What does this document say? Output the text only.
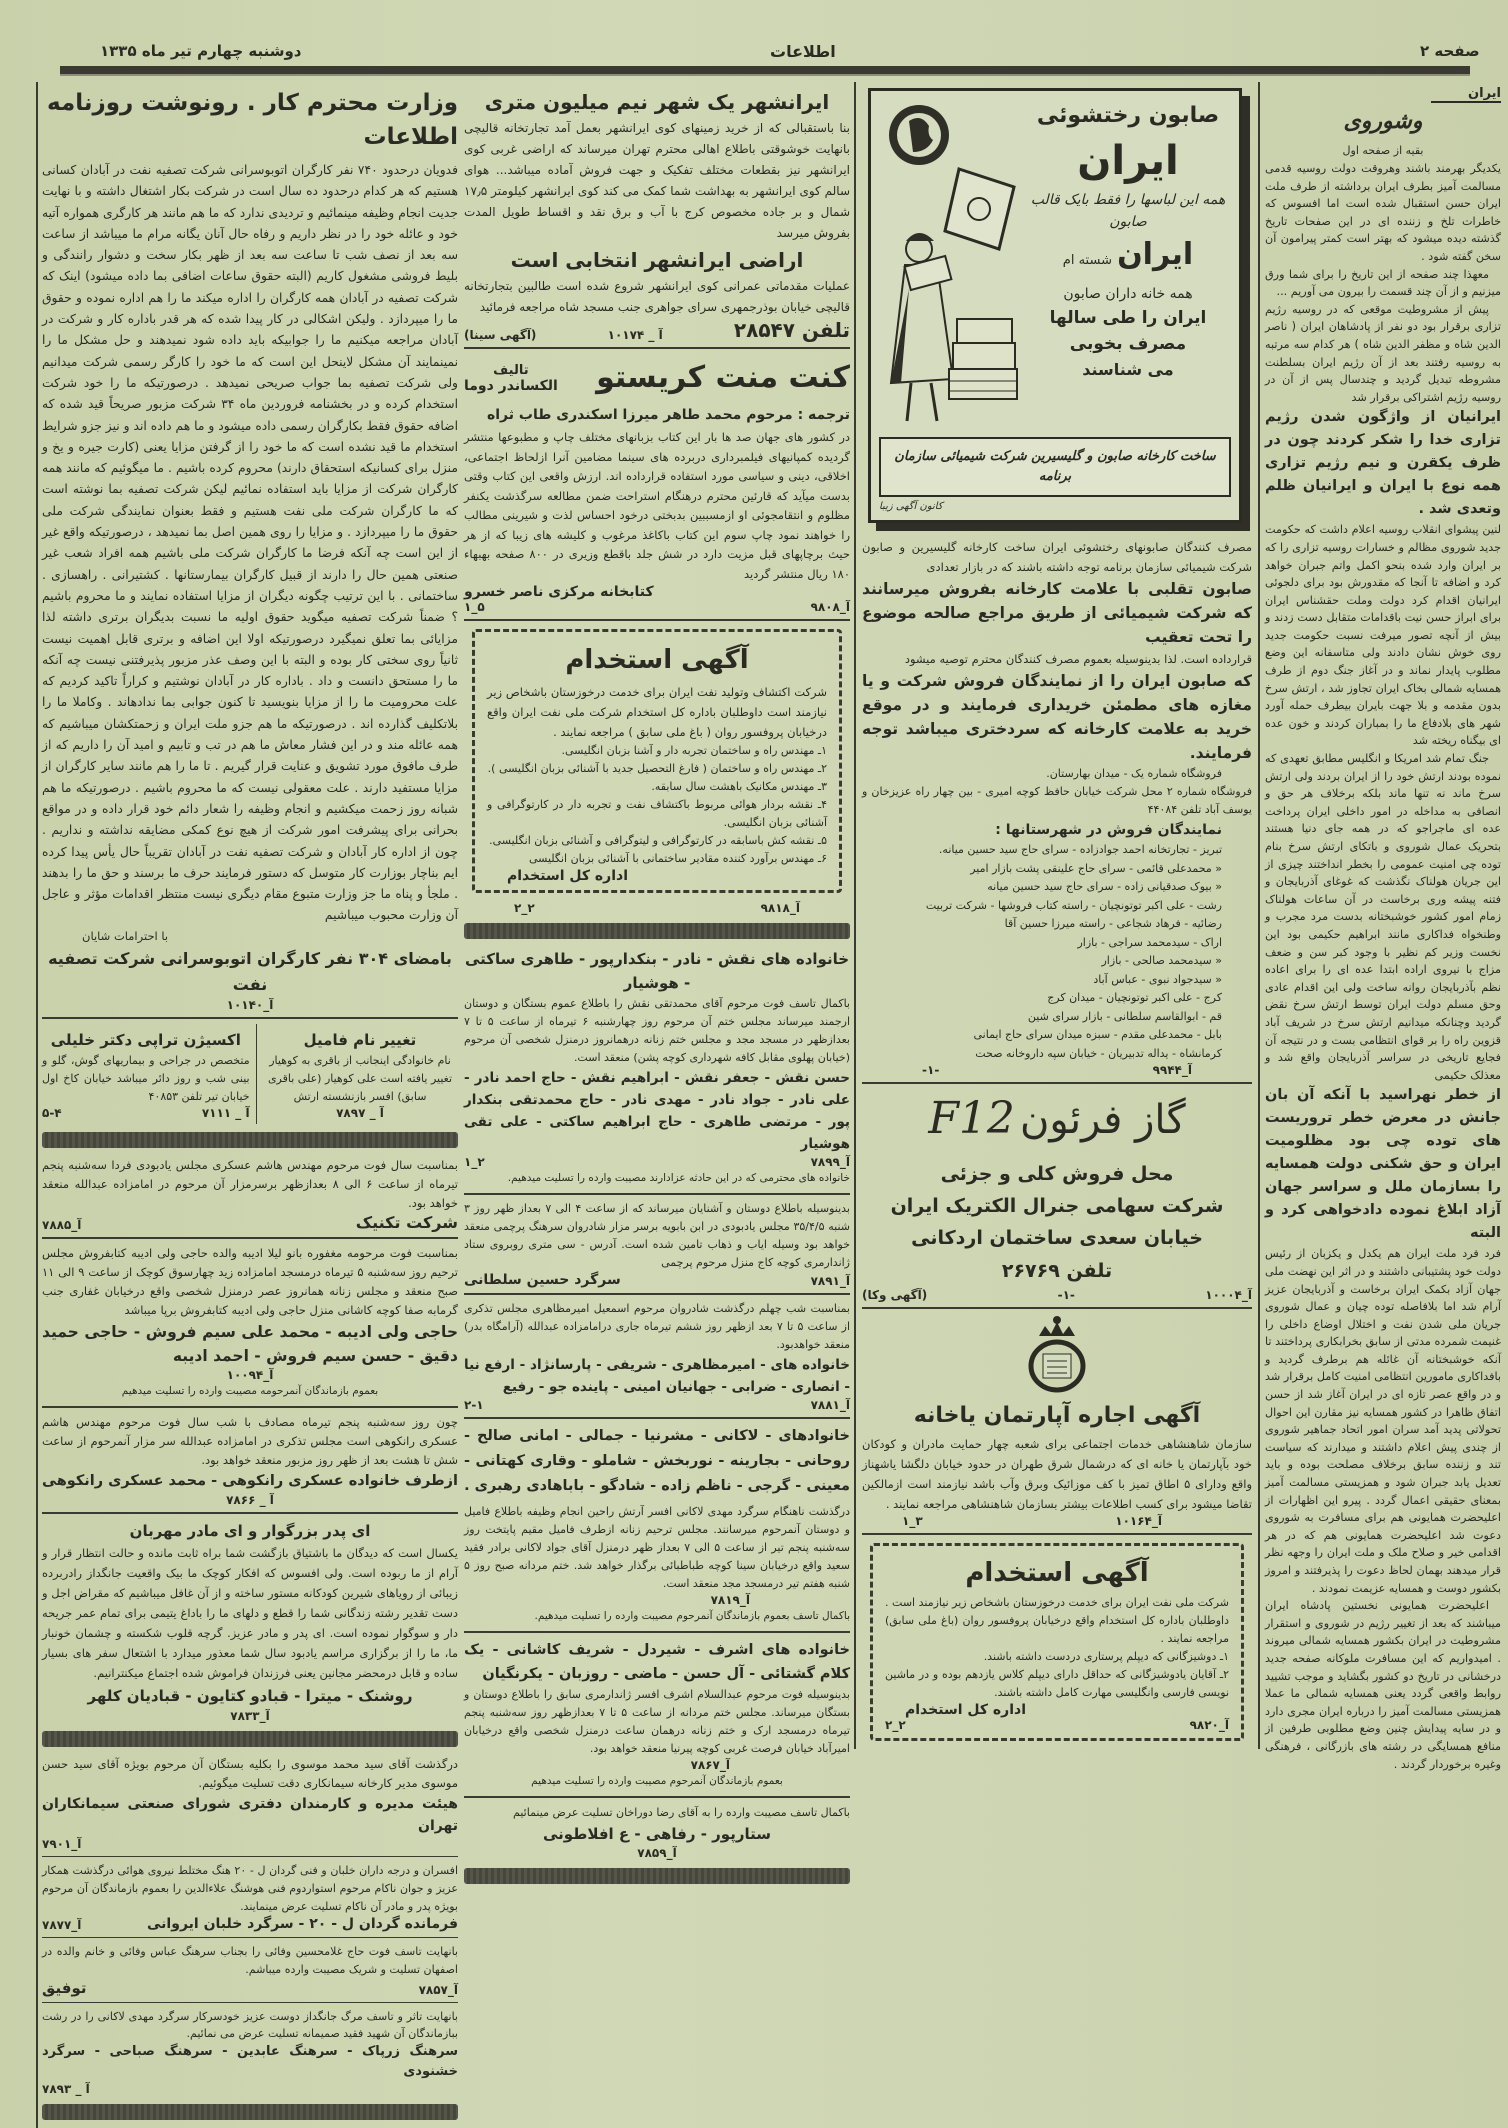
دوشنبه چهارم تیر ماه ۱۳۳۵	اطلاعات	صفحه ۲
وزارت محترم کار . رونوشت روزنامه اطلاعات
فدویان درحدود ۷۴۰ نفر کارگران اتوبوسرانی شرکت تصفیه نفت در آبادان کسانی هستیم که هر کدام درحدود ده سال است در شرکت بکار اشتغال داشته و با نهایت جدیت انجام وظیفه مینمائیم و تردیدی ندارد که ما هم مانند هر کارگری همواره آتیه خود و عائله خود را در نظر داریم و رفاه حال آنان یگانه مرام ما میباشد از ساعت سه بعد از نصف شب تا ساعت سه بعد از ظهر بکار سخت و دشوار رانندگی و بلیط فروشی مشغول کاریم (البته حقوق ساعات اضافی بما داده میشود) اینک که شرکت تصفیه در آبادان همه کارگران را اداره میکند ما را هم اداره نموده و حقوق ما را میپردازد . ولیکن اشکالی در کار پیدا شده که هر قدر باداره کار و شرکت در آبادان مراجعه میکنیم ما را جوابیکه باید داده شود نمیدهند و حل مشکل ما را نمینمایند آن مشکل لاینحل این است که ما خود را کارگر رسمی شرکت میدانیم ولی شرکت تصفیه بما جواب صریحی نمیدهد . درصورتیکه ما را خود شرکت استخدام کرده و در بخشنامه فروردین ماه ۳۴ شرکت مزبور صریحاً قید شده که اضافه حقوق فقط بکارگران رسمی داده میشود و ما هم داده اند و نیز جزو شرایط استخدام ما قید نشده است که ما خود را از گرفتن مزایا یعنی (کارت جیره و یخ و منزل برای کسانیکه استحقاق دارند) محروم کرده باشیم . ما میگوئیم که مانند همه کارگران شرکت از مزایا باید استفاده نمائیم لیکن شرکت تصفیه بما نوشته است که ما کارگران شرکت ملی نفت هستیم و فقط بعنوان نمایندگی شرکت ملی حقوق ما را میپردازد . و مزایا را روی همین اصل بما نمیدهد ، درصورتیکه واقع غیر از این است چه آنکه فرضا ما کارگران شرکت ملی باشیم همه افراد شعب غیر صنعتی همین حال را دارند از قبیل کارگران بیمارستانها . کشتیرانی . راهسازی . ساختمانی . با این ترتیب چگونه دیگران از مزایا استفاده نمایند و ما محروم باشیم ؟ ضمناً شرکت تصفیه میگوید حقوق اولیه ما نسبت بدیگران برتری داشته لذا مزایائی بما تعلق نمیگیرد درصورتیکه اولا این اضافه و برتری قابل اهمیت نیست ثانیاً روی سختی کار بوده و البته با این وصف عذر مزبور پذیرفتنی نیست چه آنکه ما را مستحق دانست و داد . باداره کار در آبادان نوشتیم و کراراً تاکید کردیم که علت محرومیت ما را از مزایا بنویسید تا کنون جوابی بما ندادهاند . وکاملا ما را بلاتکلیف گذارده اند . درصورتیکه ما هم جزو ملت ایران و زحمتکشان میباشیم که همه عائله مند و در این فشار معاش ما هم در تب و تابیم و امید آن را داریم که از طرف مافوق مورد تشویق و عنایت قرار گیریم . تا ما را هم مانند سایر کارگران از مزایا مستفید دارند . علت معقولی نیست که ما محروم باشیم . درصورتیکه ما هم شبانه روز زحمت میکشیم و انجام وظیفه را شعار دائم خود قرار داده و در مواقع بحرانی برای پیشرفت امور شرکت از هیچ نوع کمکی مضایقه نداشته و نداریم . چون از اداره کار آبادان و شرکت تصفیه نفت در آبادان تقریباً حال یأس پیدا کرده ایم بناچار بوزارت کار متوسل که دستور فرمایند حرف ما برسند و حق ما را بدهند . ملجأ و پناه ما جز وزارت متبوع مقام دیگری نیست منتظر اقدامات مؤثر و عاجل آن وزارت محبوب میباشیم
با احترامات شایان
بامضای ۳۰۴ نفر کارگران اتوبوسرانی شرکت تصفیه نفت
آ_۱۰۱۴۰
تغییر نام فامیل
نام خانوادگی اینجانب از باقری به کوهیار تغییر یافته است علی کوهیار (علی باقری سابق) افسر بازنشسته ارتش
آ _ ۷۸۹۷
اکسیژن تراپی دکتر خلیلی
متخصص در جراحی و بیماریهای گوش، گلو و بینی شب و روز دائر میباشد خیابان کاخ اول خیابان تیر تلفن ۴۰۸۵۳
آ _ ۷۱۱۱
۵-۴
بمناسبت سال فوت مرحوم مهندس هاشم عسکری مجلس یادبودی فردا سه‌شنبه پنجم تیرماه از ساعت ۶ الی ۸ بعدازظهر برسرمزار آن مرحوم در امامزاده عبدالله منعقد خواهد بود.
شرکت تکنیک
آ_۷۸۸۵
بمناسبت فوت مرحومه مغفوره بانو لیلا ادیبه والده حاجی ولی ادیبه کتابفروش مجلس ترحیم روز سه‌شنبه ۵ تیرماه درمسجد امامزاده زید چهارسوق کوچک از ساعت ۹ الی ۱۱ صبح منعقد و مجلس زنانه همانروز عصر درمنزل شخصی واقع درخیابان غفاری جنب گرمابه صفا کوچه کاشانی منزل حاجی ولی ادیبه کتابفروش برپا میباشد
حاجی ولی ادیبه - محمد علی سیم فروش - حاجی حمید دقیق - حسن سیم فروش - احمد ادیبه
آ_۱۰۰۹۴
بعموم بازماندگان آنمرحومه مصیبت وارده را تسلیت میدهیم
چون روز سه‌شنبه پنجم تیرماه مصادف با شب سال فوت مرحوم مهندس هاشم عسکری رانکوهی است مجلس تذکری در امامزاده عبدالله سر مزار آنمرحوم از ساعت شش تا هشت بعد از ظهر روز مزبور منعقد خواهد بود.
ازطرف خانواده عسکری رانکوهی - محمد عسکری رانکوهی
آ _ ۷۸۶۶
ای پدر بزرگوار و ای مادر مهربان
یکسال است که دیدگان ما باشتیاق بازگشت شما براه ثابت مانده و حالت انتظار قرار و آرام از ما ربوده است. ولی افسوس که افکار کوچک ما بیک واقعیت جانگداز رادربرده زیبائی از رویاهای شیرین کودکانه مستور ساخته و از آن غافل میباشیم که مقراض اجل و دست تقدیر رشته زندگانی شما را قطع و دلهای ما را باداغ یتیمی برای تمام عمر جریحه دار و سوگوار نموده است. ای پدر و مادر عزیز. گرچه قلوب شکسته و چشمان خونبار ما، ما را از برگزاری مراسم یادبود سال شما معذور میدارد با اشتعال سفر های بسیار ساده و قابل درمحضر مجانین یعنی فرزندان فراموش شده اجتماع میکنترانیم.
روشنک - میترا - قبادو کتایون - قبادیان کلهر
آ_۷۸۳۳
درگذشت آقای سید محمد موسوی را بکلیه بستگان آن مرحوم بویژه آقای سید حسن موسوی مدیر کارخانه سیمانکاری دقت تسلیت میگوئیم.
هیئت مدیره و کارمندان دفتری شورای صنعتی سیمانکاران تهران
آ_۷۹۰۱
افسران و درجه داران خلبان و فنی گردان ل - ۲۰ هنگ مختلط نیروی هوائی درگذشت همکار عزیز و جوان ناکام مرحوم استواردوم فنی هوشنگ علاءالدین را بعموم بازماندگان آن مرحوم بویژه پدر و مادر آن ناکام تسلیت عرض مینمایند.
فرمانده گردان ل - ۲۰ - سرگرد خلبان ایروانی
آ_۷۸۷۷
بانهایت تاسف فوت حاج غلامحسین وفائی را بجناب سرهنگ عباس وفائی و خانم والده در اصفهان تسلیت و شریک مصیبت وارده میباشم.
آ_۷۸۵۷
توفیق
بانهایت تاثر و تاسف مرگ جانگداز دوست عزیز خودسرکار سرگرد مهدی لاکانی را در رشت ببازماندگان آن شهید فقید صمیمانه تسلیت عرض می نمائیم.
سرهنگ زرپاک - سرهنگ عابدین - سرهنگ صباحی - سرگرد خشنودی
آ _ ۷۸۹۳
ایرانشهر یک شهر نیم میلیون متری
بنا باستقبالی که از خرید زمینهای کوی ایرانشهر بعمل آمد تجارتخانه قالیچی بانهایت خوشوقتی باطلاع اهالی محترم تهران میرساند که اراضی غربی کوی ایرانشهر نیز بقطعات مختلف تفکیک و جهت فروش آماده میباشد... هوای سالم کوی ایرانشهر به بهداشت شما کمک می کند کوی ایرانشهر کیلومتر ۱۷٫۵ شمال و بر جاده مخصوص کرج با آب و برق نقد و اقساط طویل المدت بفروش میرسد
اراضی ایرانشهر انتخابی است
عملیات مقدماتی عمرانی کوی ایرانشهر شروع شده است طالبین بتجارتخانه قالیچی خیابان بوذرجمهری سرای جواهری جنب مسجد شاه مراجعه فرمائید
تلفن ۲۸۵۴۷
آ _ ۱۰۱۷۴
(آگهی سینا)
کنت منت کریستو
تالیف
الکساندر دوما
ترجمه : مرحوم محمد طاهر میرزا اسکندری طاب ثراه
در کشور های جهان صد ها بار این کتاب بزبانهای مختلف چاپ و مطبوعها منتشر گردیده کمپانیهای فیلمبرداری دربرده های سینما مضامین آنرا ازلحاظ اجتماعی، اخلاقی، دینی و سیاسی مورد استفاده قرارداده اند. ارزش واقعی این کتاب وقتی بدست میآید که قارئین محترم درهنگام استراحت ضمن مطالعه سرگذشت یکنفر مظلوم و انتقامجوئی او ازمسببین بدبختی درخود احساس لذت و شیرینی مطالب را خواهند نمود چاپ سوم این کتاب باکاغذ مرغوب و کلیشه های زیبا که از هر حیث برچاپهای قبل مزیت دارد در شش جلد باقطع وزیری در ۸۰۰ صفحه بهبهاء ۱۸۰ ریال منتشر گردید
کتابخانه مرکزی ناصر خسرو
آ_۹۸۰۸
۵_۱
آگهی استخدام
شرکت اکتشاف وتولید نفت ایران برای خدمت درخوزستان باشخاص زیر نیازمند است داوطلبان باداره کل استخدام شرکت ملی نفت ایران واقع درخیابان پروفسور روان ( باغ ملی سابق ) مراجعه نمایند .
۱ـ مهندس راه و ساختمان تجربه دار و آشنا بزبان انگلیسی.
۲ـ مهندس راه و ساختمان ( فارغ التحصیل جدید با آشنائی بزبان انگلیسی ).
۳ـ مهندس مکانیک باهشت سال سابقه.
۴ـ نقشه بردار هوائی مربوط باکتشاف نفت و تجربه دار در کارتوگرافی و آشنائی بزبان انگلیسی.
۵ـ نقشه کش باسابقه در کارتوگرافی و لیتوگرافی و آشنائی بزبان انگلیسی.
۶ـ مهندس برآورد کننده مقادیر ساختمانی با آشنائی بزبان انگلیسی
اداره کل استخدام
آ_۹۸۱۸
۲_۲
خانواده های نقش - نادر - بنکدارپور - طاهری ساکتی - هوشیار
باکمال تاسف فوت مرحوم آقای محمدتقی نقش را باطلاع عموم بستگان و دوستان ارجمند میرساند مجلس ختم آن مرحوم روز چهارشنبه ۶ تیرماه از ساعت ۵ تا ۷ بعدازظهر در مسجد مجد و مجلس ختم زنانه درهمانروز درمنزل شخصی آن مرحوم (خیابان پهلوی مقابل کافه شهرداری کوچه پشن) منعقد است.
حسن نقش - جعفر نقش - ابراهیم نقش - حاج احمد نادر - علی نادر - جواد نادر - مهدی نادر - حاج محمدتقی بنکدار پور - مرتضی طاهری - حاج ابراهیم ساکتی - علی تقی هوشیار
آ_۷۸۹۹
۲_۱
خانواده های محترمی که در این حادثه عزادارند مصیبت وارده را تسلیت میدهیم.
بدینوسیله باطلاع دوستان و آشنایان میرساند که از ساعت ۴ الی ۷ بعداز ظهر روز ۳ شنبه ۳۵/۴/۵ مجلس یادبودی در ابن بابویه برسر مزار شادروان سرهنگ پرچمی منعقد خواهد بود وسیله ایاب و ذهاب تامین شده است. آدرس - سی متری روبروی ستاد ژاندارمری کوچه کاج منزل مرحوم پرچمی
آ_۷۸۹۱
سرگرد حسین سلطانی
بمناسبت شب چهلم درگذشت شادروان مرحوم اسمعیل امیرمظاهری مجلس تذکری از ساعت ۵ تا ۷ بعد ازظهر روز ششم تیرماه جاری درامامزاده عبدالله (آرامگاه بدر) منعقد خواهدبود.
خانواده های - امیرمظاهری - شریفی - پارسانژاد - ارفع نیا - انصاری - ضرابی - جهانیان امینی - پاینده جو - رفیع
آ_۷۸۸۱
۲-۱
خانوادهای - لاکانی - مشرنیا - جمالی - امانی صالح - روحانی - بجارینه - نوربخش - شاملو - وقاری کهتانی - معینی - گرجی - ناظم زاده - شادگو - باباهادی رهبری .
درگذشت ناهنگام سرگرد مهدی لاکانی افسر آرتش راحین انجام وظیفه باطلاع فامیل و دوستان آنمرحوم میرسانند. مجلس ترحیم زنانه ازطرف فامیل مقیم پایتخت روز سه‌شنبه پنجم تیر از ساعت ۵ الی ۷ بعداز ظهر درمنزل آقای جواد لاکانی برادر فقید سعید واقع درخیابان سینا کوچه طباطبائی برگذار خواهد شد. ختم مردانه صبح روز ۵ شنبه هفتم تیر درمسجد مجد منعقد است.
آ_۷۸۱۹
باکمال تاسف بعموم بازماندگان آنمرحوم مصیبت وارده را تسلیت میدهیم.
خانواده های اشرف - شیردل - شریف کاشانی - یک کلام گشتائی - آل حسن - ماضی - روزبان - یکرنگیان
بدینوسیله فوت مرحوم عبدالسلام اشرف افسر ژاندارمری سابق را باطلاع دوستان و بستگان میرساند. مجلس ختم مردانه از ساعت ۵ تا ۷ بعدازظهر روز سه‌شنبه پنجم تیرماه درمسجد ارک و ختم زنانه درهمان ساعت درمنزل شخصی واقع درخیابان امیرآباد خیابان فرصت غربی کوچه پیرنیا منعقد خواهد بود.
آ_۷۸۶۷
بعموم بازماندگان آنمرحوم مصیبت وارده را تسلیت میدهیم
باکمال تاسف مصیبت وارده را به آقای رضا دوراخان تسلیت عرض مینمائیم
ستارپور - رفاهی - ع افلاطونی
آ_۷۸۵۹
صابون رختشوئی
ایران
همه این لباسها را فقط بایک قالب صابون
ایران شسته ام
همه خانه داران صابون
ایران را طی سالها مصرف بخوبی
می شناسند
ساخت کارخانه صابون و گلیسیرین شرکت شیمیائی سازمان برنامه
کانون آگهی زیبا
مصرف کنندگان صابونهای رختشوئی ایران ساخت کارخانه گلیسیرین و صابون شرکت شیمیائی سازمان برنامه توجه داشته باشند که در بازار تعدادی
صابون تقلبی با علامت کارخانه بفروش میرسانند که شرکت شیمیائی از طریق مراجع صالحه موضوع را تحت تعقیب
قرارداده است. لذا بدینوسیله بعموم مصرف کنندگان محترم توصیه میشود
که صابون ایران را از نمایندگان فروش شرکت و یا مغازه های مطمئن خریداری فرمایند و در موقع خرید به علامت کارخانه که سردختری میباشد توجه فرمایند.
فروشگاه شماره یک - میدان بهارستان.
فروشگاه شماره ۲ محل شرکت خیابان حافظ کوچه امیری - بین چهار راه عزیزخان و یوسف آباد تلفن ۴۴۰۸۴
نمایندگان فروش در شهرستانها :
تبریز - تجارتخانه احمد جوادزاده - سرای حاج سید حسین میانه.
« محمدعلی قائمی - سرای حاج علینقی پشت بازار امیر
« بیوک صدقیانی زاده - سرای حاج سید حسین میانه
رشت - علی اکبر توتونچیان - راسته کتاب فروشها - شرکت تربیت
رضائیه - فرهاد شجاعی - راسته میرزا حسین آقا
اراک - سیدمحمد سراجی - بازار
« سیدمحمد صالحی - بازار
« سیدجواد نبوی - عباس آباد
کرج - علی اکبر توتونچیان - میدان کرج
قم - ابوالقاسم سلطانی - بازار سرای شین
بابل - محمدعلی مقدم - سبزه میدان سرای حاج ایمانی
کرمانشاه - یداله تدبیریان - خیابان سپه داروخانه صحت
آ_۹۹۴۴
-۱-
F12 گاز فرئون
محل فروش کلی و جزئی
شرکت سهامی جنرال الکتریک ایران
خیابان سعدی ساختمان اردکانی
تلفن ۲۶۷۶۹
آ_۱۰۰۰۴
-۱-
(آگهی وکا)
آگهی اجاره آپارتمان یاخانه
سازمان شاهنشاهی خدمات اجتماعی برای شعبه چهار حمایت مادران و کودکان خود بآپارتمان یا خانه ای که درشمال شرق طهران در حدود خیابان دلگشا یاشهناز واقع ودارای ۵ اطاق تمیز با کف موزائیک وبرق وآب باشد نیازمند است ازمالکین تقاضا میشود برای کسب اطلاعات بیشتر بسازمان شاهنشاهی مراجعه نمایند .
آ_۱۰۱۶۴
۳_۱
آگهی استخدام
شرکت ملی نفت ایران برای خدمت درخوزستان باشخاص زیر نیازمند است . داوطلبان باداره کل استخدام واقع درخیابان پروفسور روان (باغ ملی سابق) مراجعه نمایند .
۱ـ دوشیزگانی که دیپلم پرستاری دردست داشته باشند.
۲ـ آقایان یادوشیزگانی که حداقل دارای دیپلم کلاس یازدهم بوده و در ماشین نویسی فارسی وانگلیسی مهارت کامل داشته باشند.
اداره کل استخدام
آ_۹۸۲۰
۲_۲
ایران
وشوروی
بقیه از صفحه اول
یکدیگر بهرمند باشند وهروقت دولت روسیه قدمی مسالمت آمیز بطرف ایران برداشته از طرف ملت ایران حسن استقبال شده است اما افسوس که خاطرات تلخ و زننده ای در این صفحات تاریخ گذشته دیده میشود که بهتر است کمتر پیرامون آن سخن گفته شود .
معهذا چند صفحه از این تاریخ را برای شما ورق میزنیم و از آن چند قسمت را بیرون می آوریم ...
پیش از مشروطیت موقعی که در روسیه رژیم تزاری برقرار بود دو نفر از پادشاهان ایران ( ناصر الدین شاه و مظفر الدین شاه ) هر کدام سه مرتبه به روسیه رفتند بعد از آن رژیم ایران بسلطنت مشروطه تبدیل گردید و چندسال پس از آن در روسیه رژیم اشتراکی برقرار شد
ایرانیان از واژگون شدن رژیم تزاری خدا را شکر کردند چون در ظرف یکقرن و نیم رژیم تزاری همه نوع با ایران و ایرانیان ظلم وتعدی شد .
لنین پیشوای انقلاب روسیه اعلام داشت که حکومت جدید شوروی مظالم و خسارات روسیه تزاری را که بر ایران وارد شده بنحو اکمل واتم جبران خواهد کرد و اضافه تا آنجا که مقدورش بود برای دلجوئی ایرانیان اقدام کرد دولت وملت حقشناس ایران برای ابراز حسن نیت باقدامات متقابل دست زدند و بیش از آنچه تصور میرفت نسبت حکومت جدید روی خوش نشان دادند ولی متاسفانه این وضع مطلوب پایدار نماند و در آغاز جنگ دوم از طرف همسایه شمالی بخاک ایران تجاوز شد ، ارتش سرخ بدون مقدمه و بلا جهت بایران بیطرف حمله آورد شهر های بلادفاع ما را بمباران کردند و خون عده ای بیگناه ریخته شد
جنگ تمام شد امریکا و انگلیس مطابق تعهدی که نموده بودند ارتش خود را از ایران بردند ولی ارتش سرخ ماند نه تنها ماند بلکه برخلاف هر حق و انصافی به مداخله در امور داخلی ایران پرداخت عده ای ماجراجو که در همه جای دنیا هستند بتحریک عمال شوروی و باتکای ارتش سرخ بنام توده چی امنیت عمومی را بخطر انداختند چیزی از این جریان هولناک نگذشت که غوغای آذربایجان و فتنه پیشه وری برخاست در آن ساعات هولناک زمام امور کشور خوشبختانه بدست مرد مجرب و وطنخواه فداکاری مانند ابراهیم حکیمی بود این نخست وزیر کم نظیر با وجود کبر سن و ضعف مزاج با نیروی اراده ابتدا عده ای را برای اعاده نظم بآذربایجان روانه ساخت ولی این اقدام عادی وحق مسلم دولت ایران توسط ارتش سرخ نقض گردید وچنانکه میدانیم ارتش سرخ در شریف آباد قزوین راه را بر قوای انتظامی بست و در نتیجه آن فجایع تاریخی در سراسر آذربایجان واقع شد و معذلک حکیمی
از خطر نهراسید با آنکه آن بان جانش در معرض خطر تروریست های توده چی بود مظلومیت ایران و حق شکنی دولت همسایه را بسازمان ملل و سراسر جهان آزاد ابلاغ نموده دادخواهی کرد و البته
فرد فرد ملت ایران هم یکدل و یکزبان از رئیس دولت خود پشتیبانی داشتند و در اثر این نهضت ملی جهان آزاد بکمک ایران برخاست و آذربایجان عزیز آرام شد اما بلافاصله توده چیان و عمال شوروی جریان ملی شدن نفت و اختلال اوضاع داخلی را غنیمت شمرده مدتی از سابق بخرابکاری پرداختند تا آنکه خوشبختانه آن غائله هم برطرف گردید و بافداکاری مامورین انتظامی امنیت کامل برقرار شد و در واقع عصر تازه ای در ایران آغاز شد از حسن اتفاق ظاهرا در کشور همسایه نیز مقارن این احوال تحولاتی پدید آمد سران امور اتحاد جماهیر شوروی از چندی پیش اعلام داشتند و میدارند که سیاست تند و زننده سابق برخلاف مصلحت بوده و باید تعدیل یابد جبران شود و همزیستی مسالمت آمیز بمعنای حقیقی اعمال گردد . پیرو این اظهارات از اعلیحضرت همایونی هم برای مسافرت به شوروی دعوت شد اعلیحضرت همایونی هم که در هر اقدامی خیر و صلاح ملک و ملت ایران را وجهه نظر قرار میدهند بهمان لحاظ دعوت را پذیرفتند و امروز بکشور دوست و همسایه عزیمت نمودند .
اعلیحضرت همایونی نخستین پادشاه ایران میباشند که بعد از تغییر رژیم در شوروی و استقرار مشروطیت در ایران بکشور همسایه شمالی میروند . امیدواریم که این مسافرت ملوکانه صفحه جدید درخشانی در تاریخ دو کشور بگشاید و موجب تشیید روابط واقعی گردد یعنی همسایه شمالی ما عملا همزیستی مسالمت آمیز را درباره ایران مجری دارد و در سایه پیدایش چنین وضع مطلوبی طرفین از منافع همسایگی در رشته های بازرگانی ، فرهنگی وغیره برخوردار گردند .
